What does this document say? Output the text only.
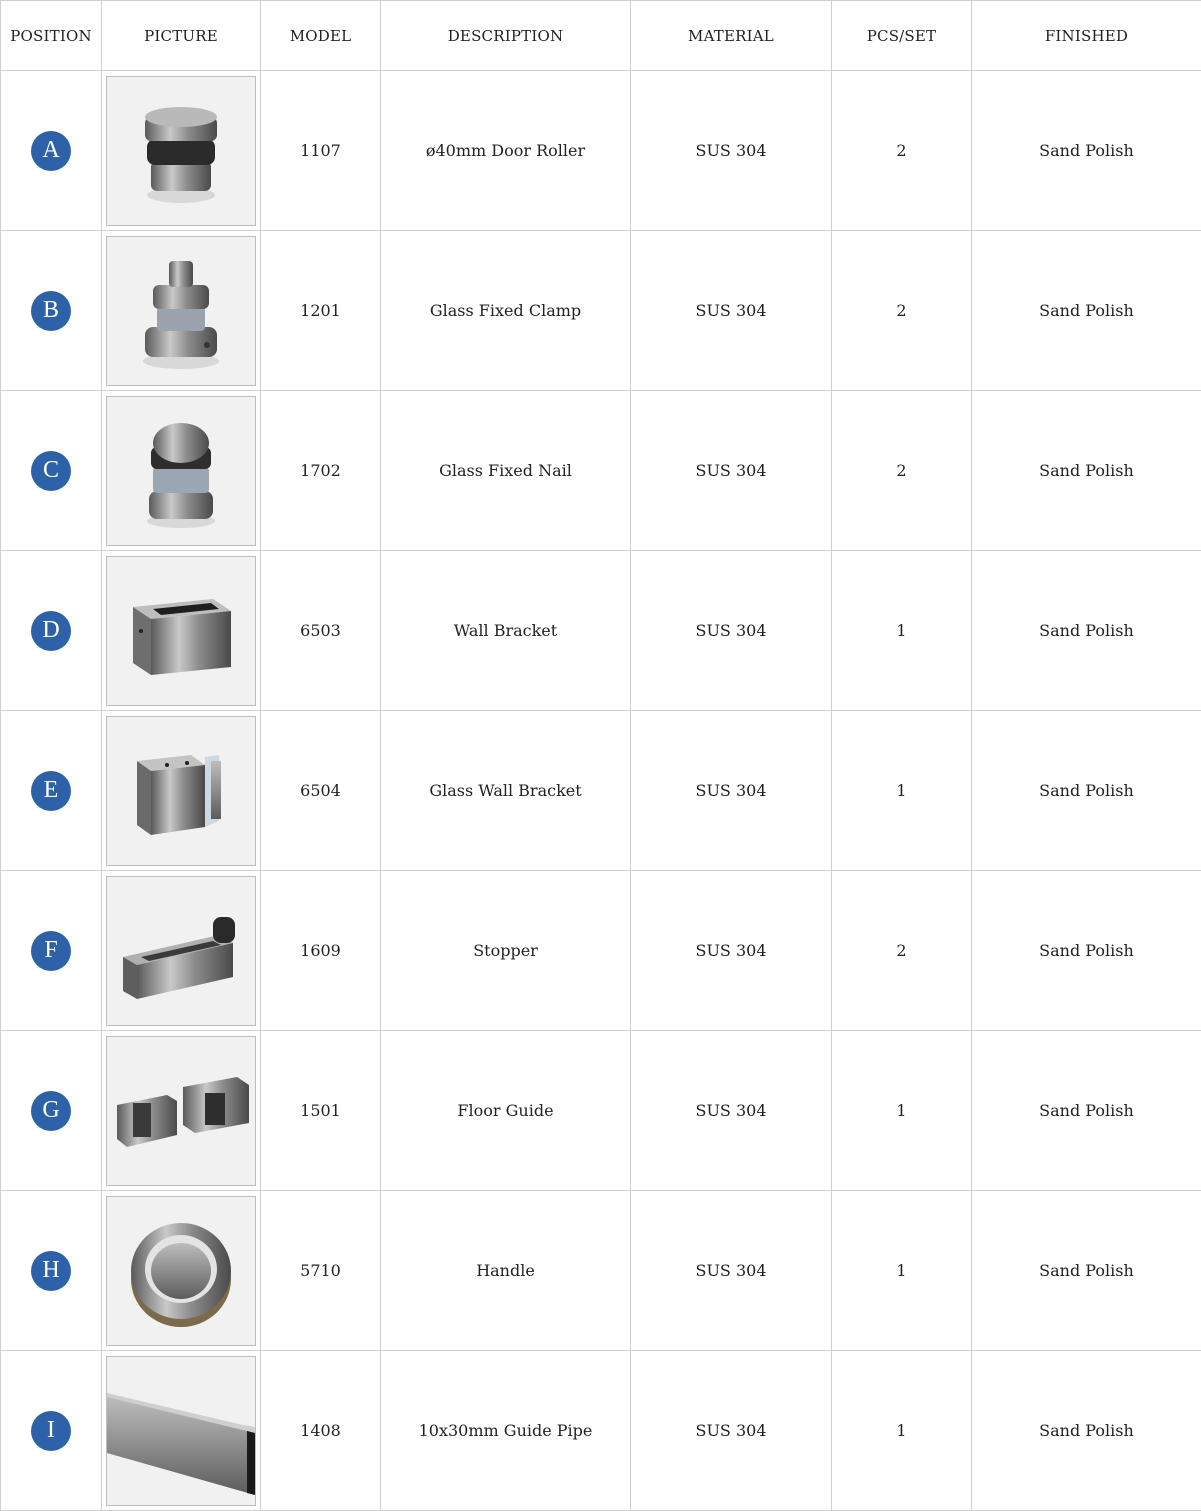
POSITION	PICTURE	MODEL	DESCRIPTION	MATERIAL	PCS/SET	FINISHED
A		1107	ø40mm Door Roller	SUS 304	2	Sand Polish
B		1201	Glass Fixed Clamp	SUS 304	2	Sand Polish
C		1702	Glass Fixed Nail	SUS 304	2	Sand Polish
D		6503	Wall Bracket	SUS 304	1	Sand Polish

E		6504	Glass Wall Bracket	SUS 304	1	Sand Polish
F		1609	Stopper	SUS 304	2	Sand Polish
G		1501	Floor Guide	SUS 304	1	Sand Polish
H		5710	Handle	SUS 304	1	Sand Polish
I		1408	10x30mm Guide Pipe	SUS 304	1	Sand Polish
